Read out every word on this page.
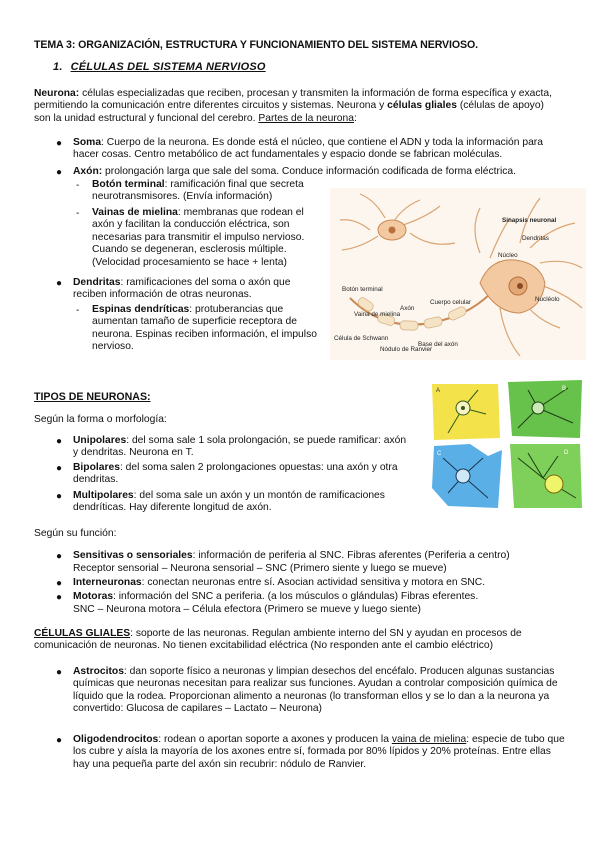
TEMA 3: ORGANIZACIÓN, ESTRUCTURA Y FUNCIONAMIENTO DEL SISTEMA NERVIOSO.
1. CÉLULAS DEL SISTEMA NERVIOSO
Neurona: células especializadas que reciben, procesan y transmiten la información de forma específica y exacta, permitiendo la comunicación entre diferentes circuitos y sistemas. Neurona y células gliales (células de apoyo) son la unidad estructural y funcional del cerebro. Partes de la neurona:
● Soma: Cuerpo de la neurona. Es donde está el núcleo, que contiene el ADN y toda la información para hacer cosas. Centro metabólico de act fundamentales y espacio donde se fabrican moléculas.
● Axón: prolongación larga que sale del soma. Conduce información codificada de forma eléctrica.
- Botón terminal: ramificación final que secreta neurotransmisores. (Envía información)
- Vainas de mielina: membranas que rodean el axón y facilitan la conducción eléctrica, son necesarias para transmitir el impulso nervioso. Cuando se degeneran, esclerosis múltiple. (Velocidad procesamiento se hace + lenta)
● Dendritas: ramificaciones del soma o axón que reciben información de otras neuronas.
- Espinas dendríticas: protuberancias que aumentan tamaño de superficie receptora de neurona. Espinas reciben información, el impulso nervioso.
Sinapsis neuronal
Dendritas
Núcleo
Botón terminal
Vaina de mielina
Axón
Cuerpo celular	Nucléolo
Célula de Schwann
Nódulo de Ranvier
Base del axón
TIPOS DE NEURONAS:
Según la forma o morfología:
● Unipolares: del soma sale 1 sola prolongación, se puede ramificar: axón y dendritas. Neurona en T.
● Bipolares: del soma salen 2 prolongaciones opuestas: una axón y otra dendritas.
● Multipolares: del soma sale un axón y un montón de ramificaciones dendríticas. Hay diferente longitud de axón.
A	B
C	D
Según su función:
● Sensitivas o sensoriales: información de periferia al SNC. Fibras aferentes (Periferia a centro)
Receptor sensorial – Neurona sensorial – SNC (Primero siente y luego se mueve)
● Interneuronas: conectan neuronas entre sí. Asocian actividad sensitiva y motora en SNC.
● Motoras: información del SNC a periferia. (a los músculos o glándulas) Fibras eferentes.
SNC – Neurona motora – Célula efectora (Primero se mueve y luego siente)
CÉLULAS GLIALES: soporte de las neuronas. Regulan ambiente interno del SN y ayudan en procesos de comunicación de neuronas. No tienen excitabilidad eléctrica (No responden ante el cambio eléctrico)
● Astrocitos: dan soporte físico a neuronas y limpian desechos del encéfalo. Producen algunas sustancias químicas que neuronas necesitan para realizar sus funciones. Ayudan a controlar composición química de líquido que la rodea. Proporcionan alimento a neuronas (lo transforman ellos y se lo dan a la neurona ya convertido: Glucosa de capilares – Lactato – Neurona)
● Oligodendrocitos: rodean o aportan soporte a axones y producen la vaina de mielina: especie de tubo que los cubre y aísla la mayoría de los axones entre sí, formada por 80% lípidos y 20% proteínas. Entre ellas hay una pequeña parte del axón sin recubrir: nódulo de Ranvier.
